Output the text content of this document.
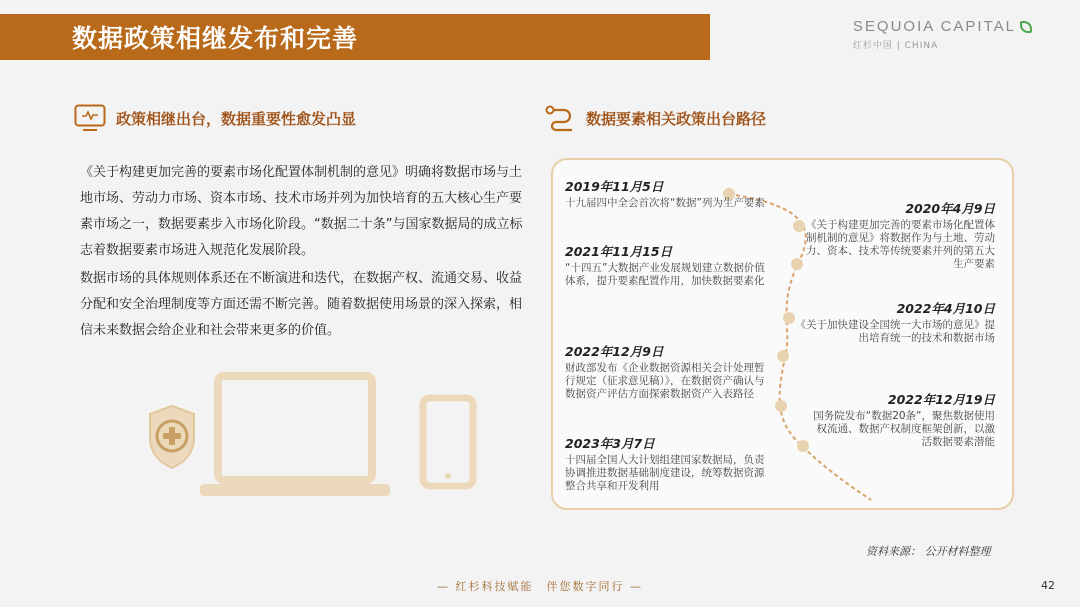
数据政策相继发布和完善	SEQUOIA CAPITAL
红杉中国 | CHINA
政策相继出台，数据重要性愈发凸显	数据要素相关政策出台路径

《关于构建更加完善的要素市场化配置体制机制的意见》明确将数据市场与土地市场、劳动力市场、资本市场、技术市场并列为加快培育的五大核心生产要素市场之一，数据要素步入市场化阶段。“数据二十条”与国家数据局的成立标志着数据要素市场进入规范化发展阶段。

数据市场的具体规则体系还在不断演进和迭代，在数据产权、流通交易、收益分配和安全治理制度等方面还需不断完善。随着数据使用场景的深入探索，相信未来数据会给企业和社会带来更多的价值。

2019年11月5日
十九届四中全会首次将“数据”列为生产要素	2020年4月9日
《关于构建更加完善的要素市场化配置体制机制的意见》将数据作为与土地、劳动力、资本、技术等传统要素并列的第五大生产要素
2021年11月15日
“十四五”大数据产业发展规划建立数据价值体系，提升要素配置作用，加快数据要素化
2022年4月10日
《关于加快建设全国统一大市场的意见》提出培育统一的技术和数据市场
2022年12月9日
财政部发布《企业数据资源相关会计处理暂行规定（征求意见稿）》，在数据资产确认与数据资产评估方面探索数据资产入表路径	2022年12月19日
国务院发布“数据20条”，聚焦数据使用权流通、数据产权制度框架创新，以激活数据要素潜能
2023年3月7日
十四届全国人大计划组建国家数据局，负责协调推进数据基础制度建设，统筹数据资源整合共享和开发利用
资料来源： 公开材料整理
— 红杉科技赋能　伴您数字同行 —	42
